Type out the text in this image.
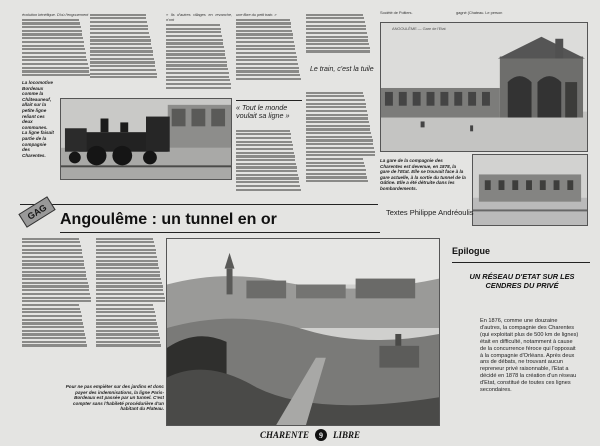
évolution bénéfique. D'où l'engouement
La locomotive Bordeaux comme la Châteauneuf, allait sur la petite ligne reliant ces deux communes. La ligne faisait partie de la compagnie des Charentes.
« Ils d'autres villages en revanche, n'ont
une fibre du petit train. »
« Tout le monde voulait sa ligne »
Le train, c'est la tuile
Société de Poitiers.	gagné (Chateau. Le person
ANGOULÊME — Gare de l'Etat
La gare de la compagnie des Charentes est devenue, en 1878, la gare de l'Etat. Elle se trouvait face à la gare actuelle, à la sortie du tunnel de la Gâtine. Elle a été détruite dans les bombardements.
Textes Philippe Andréoulis
GAG Angoulême : un tunnel en or
Pour ne pas empiéter sur des jardins et donc payer des indemnisations, la ligne Paris-Bordeaux est passée par un tunnel. C'est compter sans l'habileté procédurière d'un habitant du Plateau.
Epilogue
UN RÉSEAU D'ETAT SUR LES CENDRES DU PRIVÉ
En 1876, comme une douzaine d'autres, la compagnie des Charentes (qui exploitait plus de 500 km de lignes) était en difficulté, notamment à cause de la concurrence féroce qui l'opposait à la compagnie d'Orléans. Après deux ans de débats, ne trouvant aucun repreneur privé raisonnable, l'Etat a décidé en 1878 la création d'un réseau d'Etat, constitué de toutes ces lignes secondaires.
CHARENTE	9	LIBRE
